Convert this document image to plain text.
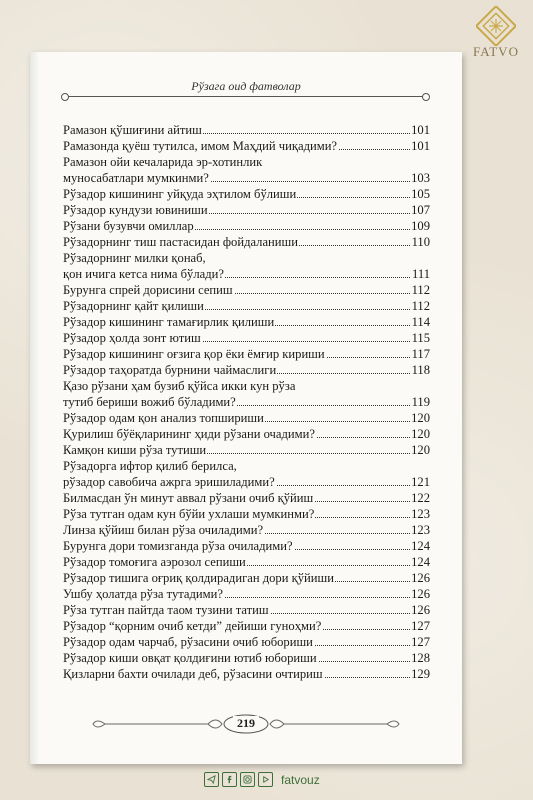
FATVO
Рўзага оид фатволар
Рамазон қўшиғини айтиш	101
Рамазонда қуёш тутилса, имом Маҳдий чиқадими?	101
Рамазон ойи кечаларида эр-хотинлик
муносабатлари мумкинми?	103
Рўзадор кишининг уйқуда эҳтилом бўлиши	105
Рўзадор кундузи ювиниши	107
Рўзани бузувчи омиллар	109
Рўзадорнинг тиш пастасидан фойдаланиши	110
Рўзадорнинг милки қонаб,
қон ичига кетса нима бўлади?	111
Бурунга спрей дорисини сепиш	112
Рўзадорнинг қайт қилиши	112
Рўзадор кишининг тамағирлик қилиши	114
Рўзадор ҳолда зонт ютиш	115
Рўзадор кишининг оғзига қор ёки ёмғир кириши	117
Рўзадор таҳоратда бурнини чаймаслиги	118
Қазо рўзани ҳам бузиб қўйса икки кун рўза
тутиб бериши вожиб бўладими?	119
Рўзадор одам қон анализ топшириши	120
Қурилиш бўёқларининг ҳиди рўзани очадими?	120
Камқон киши рўза тутиши	120
Рўзадорга ифтор қилиб берилса,
рўзадор савобича ажрга эришиладими?	121
Билмасдан ўн минут аввал рўзани очиб қўйиш	122
Рўза тутган одам кун бўйи ухлаши мумкинми?	123
Линза қўйиш билан рўза очиладими?	123
Бурунга дори томизганда рўза очиладими?	124
Рўзадор томоғига аэрозол сепиши	124
Рўзадор тишига оғриқ қолдирадиган дори қўйиши	126
Ушбу ҳолатда рўза тутадими?	126
Рўза тутган пайтда таом тузини татиш	126
Рўзадор “қорним очиб кетди” дейиши гуноҳми?	127
Рўзадор одам чарчаб, рўзасини очиб юбориши	127
Рўзадор киши овқат қолдиғини ютиб юбориши	128
Қизларни бахти очилади деб, рўзасини очтириш	129
219
fatvouz
